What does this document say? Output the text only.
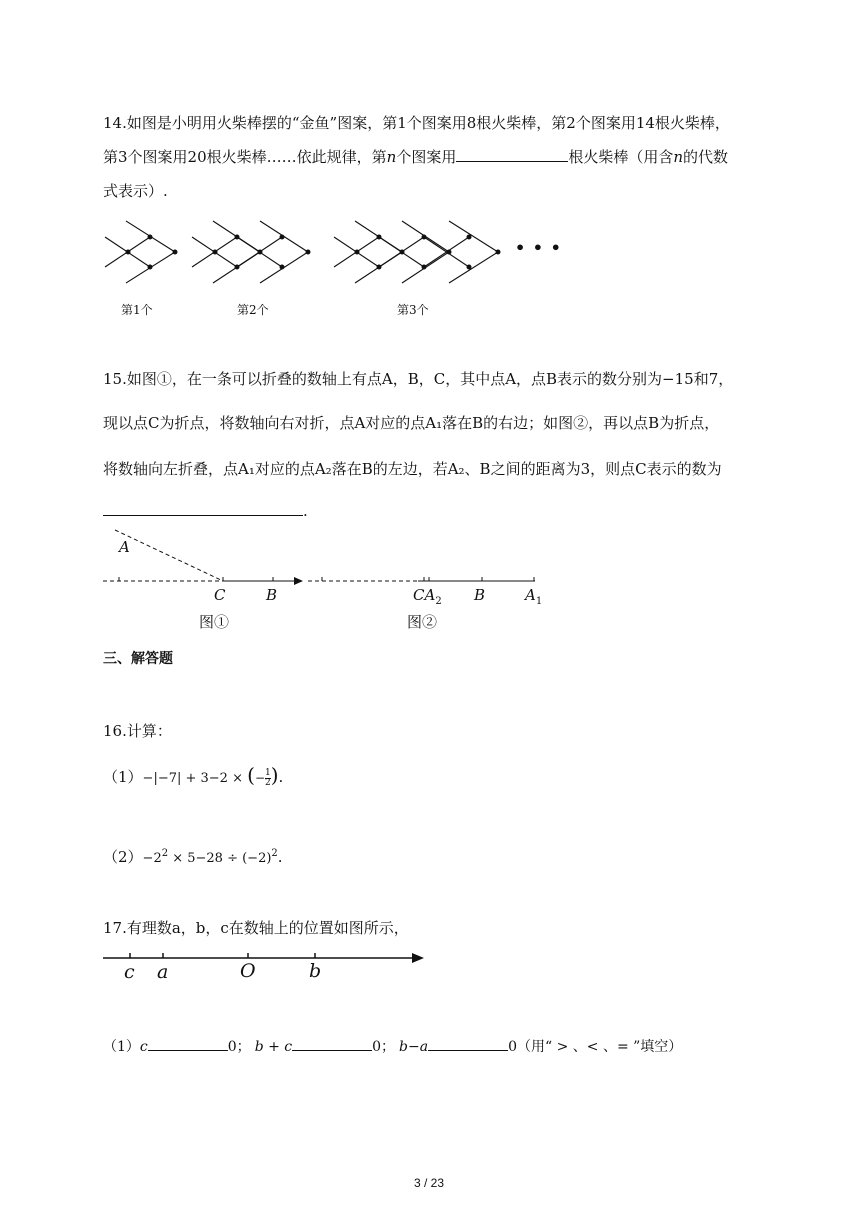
14.如图是小明用火柴棒摆的“金鱼”图案，第1个图案用8根火柴棒，第2个图案用14根火柴棒，
第3个图案用20根火柴棒……依此规律，第n个图案用	根火柴棒（用含n的代数
式表示）.
• • •
第1个	第2个	第3个
15.如图①，在一条可以折叠的数轴上有点A，B，C，其中点A，点B表示的数分别为−15和7，
现以点C为折点，将数轴向右对折，点A对应的点A₁落在B的右边；如图②，再以点B为折点，
将数轴向左折叠，点A₁对应的点A₂落在B的左边，若A₂、B之间的距离为3，则点C表示的数为
.
A
C	B
图①
$CA_2$ B	$A_1$
图②
三、解答题
16.计算：
（1）−|−7| + 3−2 × (− $\frac{1}{2}$ ).
$(2)-2^2 \times 5-28 \div (-2)^2$.
17.有理数a，b，c在数轴上的位置如图所示，
c a	O	b
（1）c	0； b + c	0； b−a	0（用“ > 、< 、= ”填空）
3 / 23
